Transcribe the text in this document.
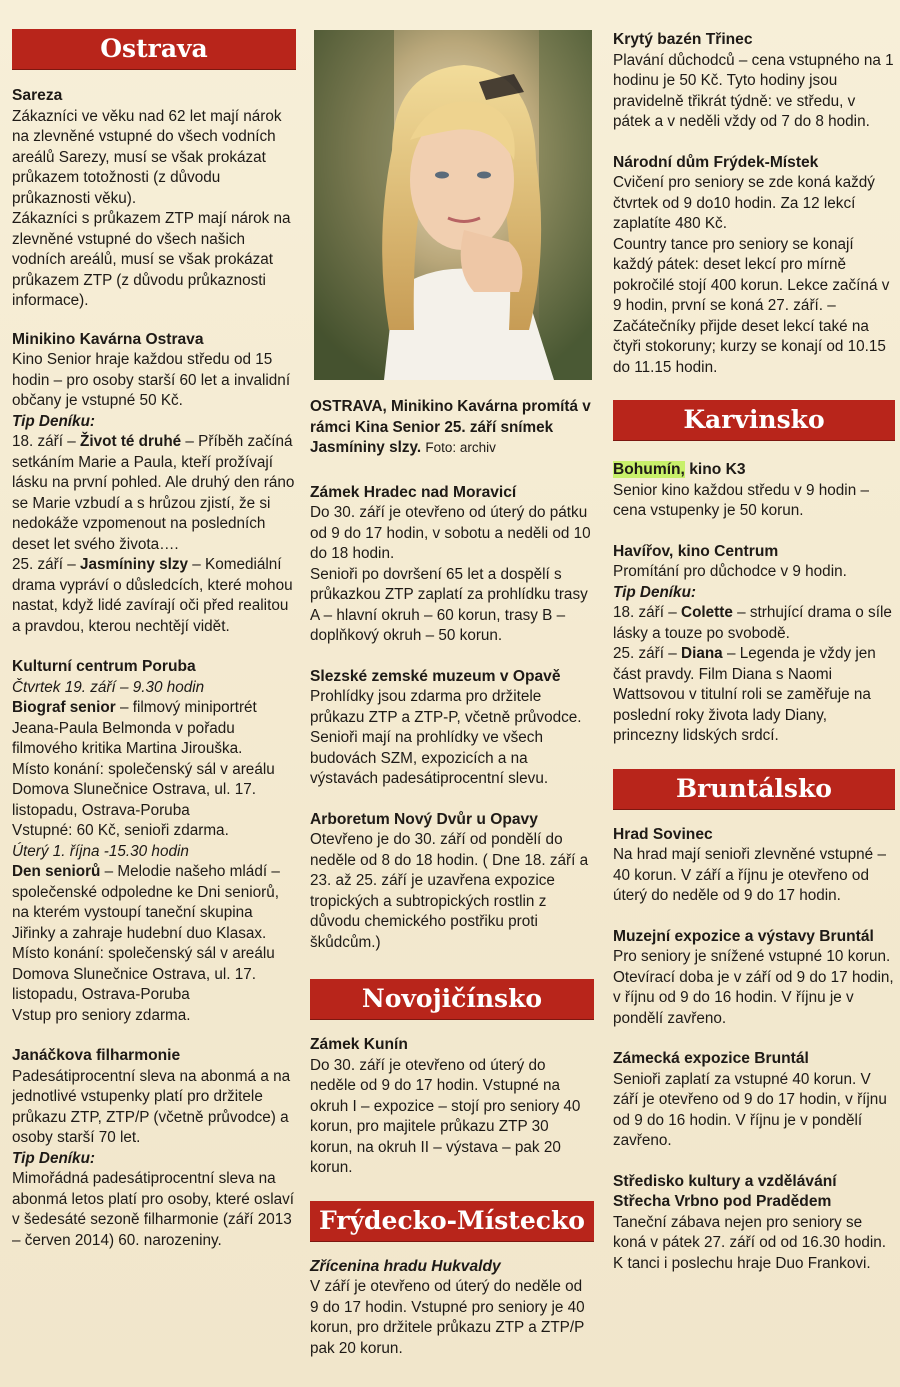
Ostrava
Sareza

Zákazníci ve věku nad 62 let mají nárok na zlevněné vstupné do všech vodních areálů Sarezy, musí se však prokázat průkazem totožnosti (z důvodu průkaznosti věku).

Zákazníci s průkazem ZTP mají nárok na zlevněné vstupné do všech našich vodních areálů, musí se však prokázat průkazem ZTP (z důvodu průkaznosti informace).

Minikino Kavárna Ostrava

Kino Senior hraje každou středu od 15 hodin – pro osoby starší 60 let a invalidní občany je vstupné 50 Kč.

Tip Deníku:

18. září – Život té druhé – Příběh začíná setkáním Marie a Paula, kteří prožívají lásku na první pohled. Ale druhý den ráno se Marie vzbudí a s hrůzou zjistí, že si nedokáže vzpomenout na posledních deset let svého života….

25. září – Jasmíniny slzy – Komediální drama vypráví o důsledcích, které mohou nastat, když lidé zavírají oči před realitou a pravdou, kterou nechtějí vidět.

Kulturní centrum Poruba

Čtvrtek 19. září – 9.30 hodin

Biograf senior – filmový miniportrét Jeana-Paula Belmonda v pořadu filmového kritika Martina Jirouška.

Místo konání: společenský sál v areálu Domova Slunečnice Ostrava, ul. 17. listopadu, Ostrava-Poruba

Vstupné: 60 Kč, senioři zdarma.

Úterý 1. října -15.30 hodin

Den seniorů – Melodie našeho mládí – společenské odpoledne ke Dni seniorů, na kterém vystoupí taneční skupina Jiřinky a zahraje hudební duo Klasax.

Místo konání: společenský sál v areálu Domova Slunečnice Ostrava, ul. 17. listopadu, Ostrava-Poruba

Vstup pro seniory zdarma.

Janáčkova filharmonie

Padesátiprocentní sleva na abonmá a na jednotlivé vstupenky platí pro držitele průkazu ZTP, ZTP/P (včetně průvodce) a osoby starší 70 let.

Tip Deníku:

Mimořádná padesátiprocentní sleva na abonmá letos platí pro osoby, které oslaví v šedesáté sezoně filharmonie (září 2013 – červen 2014) 60. narozeniny.

OSTRAVA, Minikino Kavárna promítá v rámci Kina Senior 25. září snímek Jasmíniny slzy. Foto: archiv
Zámek Hradec nad Moravicí

Do 30. září je otevřeno od úterý do pátku od 9 do 17 hodin, v sobotu a neděli od 10 do 18 hodin.

Senioři po dovršení 65 let a dospělí s průkazkou ZTP zaplatí za prohlídku trasy A – hlavní okruh – 60 korun, trasy B – doplňkový okruh – 50 korun.

Slezské zemské muzeum v Opavě

Prohlídky jsou zdarma pro držitele průkazu ZTP a ZTP-P, včetně průvodce.

Senioři mají na prohlídky ve všech budovách SZM, expozicích a na výstavách padesátiprocentní slevu.

Arboretum Nový Dvůr u Opavy

Otevřeno je do 30. září od pondělí do neděle od 8 do 18 hodin. ( Dne 18. září a 23. až 25. září je uzavřena expozice tropických a subtropických rostlin z důvodu chemického postřiku proti škůdcům.)

Novojičínsko
Zámek Kunín

Do 30. září je otevřeno od úterý do neděle od 9 do 17 hodin. Vstupné na okruh I – expozice – stojí pro seniory 40 korun, pro majitele průkazu ZTP 30 korun, na okruh II – výstava – pak 20 korun.

Frýdecko-Místecko
Zřícenina hradu Hukvaldy

V září je otevřeno od úterý do neděle od 9 do 17 hodin. Vstupné pro seniory je 40 korun, pro držitele průkazu ZTP a ZTP/P pak 20 korun.

Krytý bazén Třinec

Plavání důchodců – cena vstupného na 1 hodinu je 50 Kč. Tyto hodiny jsou pravidelně třikrát týdně: ve středu, v pátek a v neděli vždy od 7 do 8 hodin.

Národní dům Frýdek-Místek

Cvičení pro seniory se zde koná každý čtvrtek od 9 do10 hodin. Za 12 lekcí zaplatíte 480 Kč.

Country tance pro seniory se konají každý pátek: deset lekcí pro mírně pokročilé stojí 400 korun. Lekce začíná v 9 hodin, první se koná 27. září. – Začátečníky přijde deset lekcí také na čtyři stokoruny; kurzy se konají od 10.15 do 11.15 hodin.

Karvinsko
Bohumín, kino K3

Senior kino každou středu v 9 hodin – cena vstupenky je 50 korun.

Havířov, kino Centrum

Promítání pro důchodce v 9 hodin.

Tip Deníku:

18. září – Colette – strhující drama o síle lásky a touze po svobodě.

25. září – Diana – Legenda je vždy jen část pravdy. Film Diana s Naomi Wattsovou v titulní roli se zaměřuje na poslední roky života lady Diany, princezny lidských srdcí.

Bruntálsko
Hrad Sovinec

Na hrad mají senioři zlevněné vstupné – 40 korun. V září a říjnu je otevřeno od úterý do neděle od 9 do 17 hodin.

Muzejní expozice a výstavy Bruntál

Pro seniory je snížené vstupné 10 korun. Otevírací doba je v září od 9 do 17 hodin, v říjnu od 9 do 16 hodin. V říjnu je v pondělí zavřeno.

Zámecká expozice Bruntál

Senioři zaplatí za vstupné 40 korun. V září je otevřeno od 9 do 17 hodin, v říjnu od 9 do 16 hodin. V říjnu je v pondělí zavřeno.

Středisko kultury a vzdělávání Střecha Vrbno pod Pradědem

Taneční zábava nejen pro seniory se koná v pátek 27. září od od 16.30 hodin. K tanci i poslechu hraje Duo Frankovi.
